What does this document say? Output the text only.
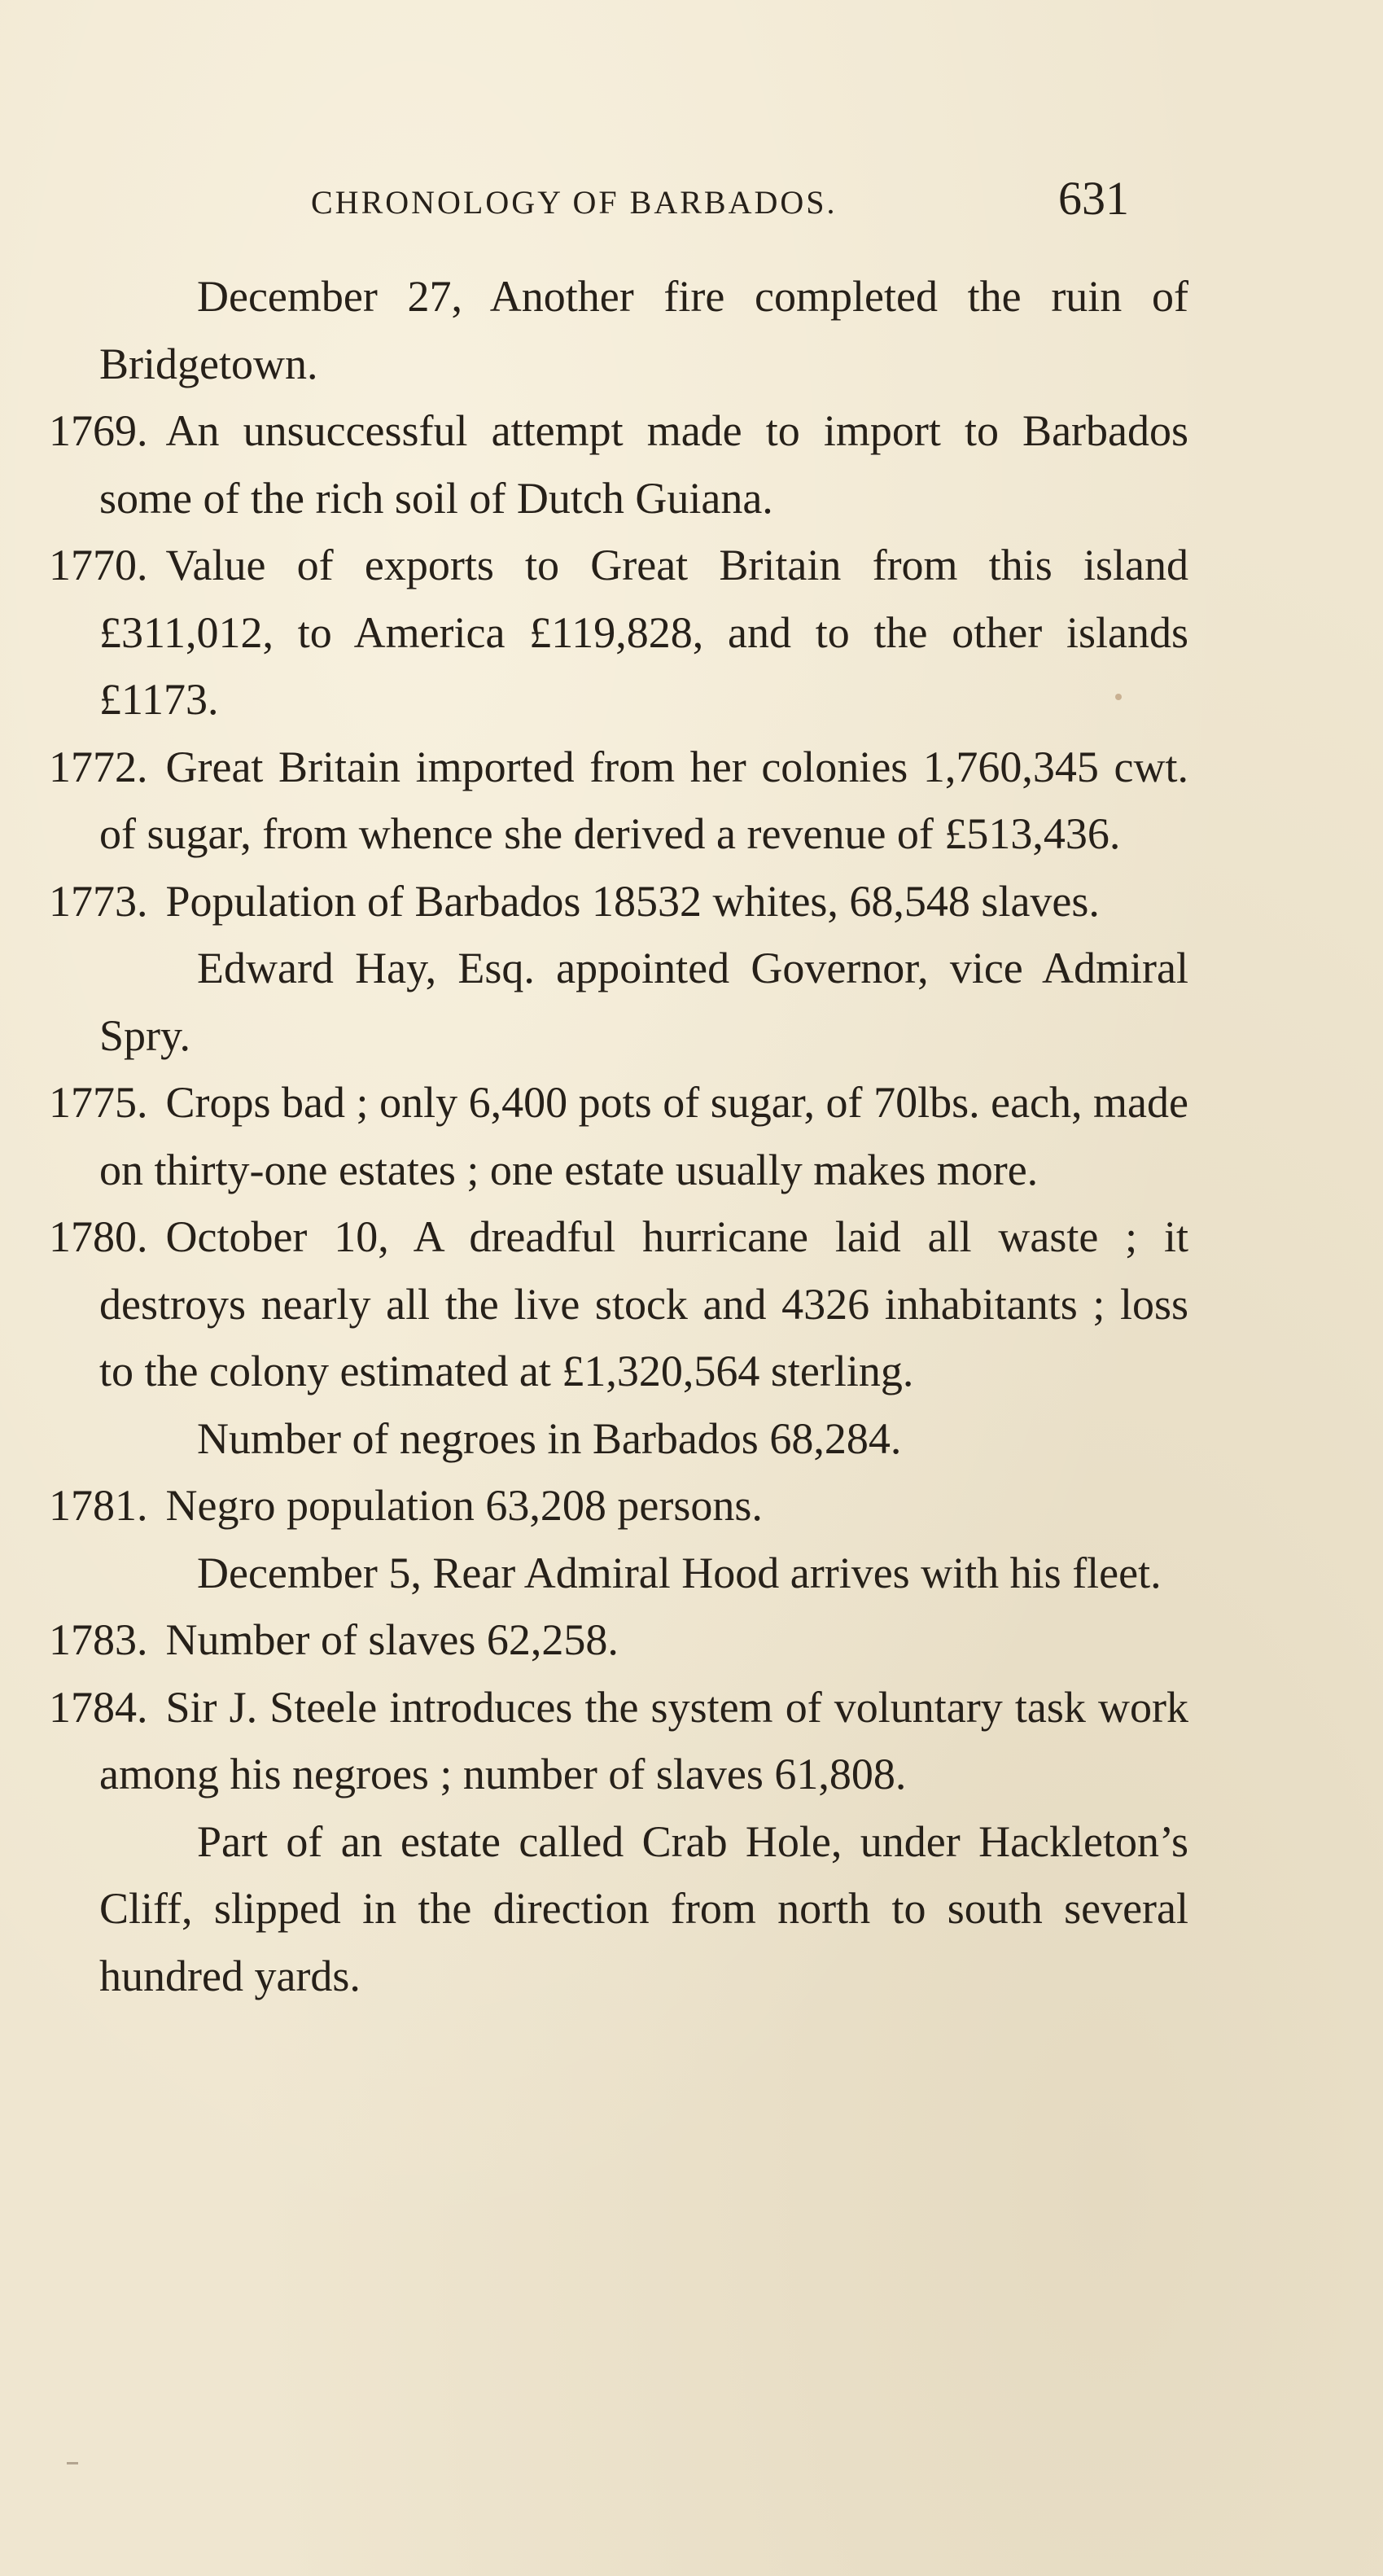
CHRONOLOGY OF BARBADOS.	631

December 27, Another fire completed the ruin of Bridgetown.

1769. An unsuccessful attempt made to import to Barbados some of the rich soil of Dutch Guiana.

1770. Value of exports to Great Britain from this island £311,012, to America £119,828, and to the other islands £1173.

1772. Great Britain imported from her colonies 1,760,345 cwt. of sugar, from whence she derived a revenue of £513,436.

1773. Population of Barbados 18532 whites, 68,548 slaves.

Edward Hay, Esq. appointed Governor, vice Admiral Spry.

1775. Crops bad ; only 6,400 pots of sugar, of 70lbs. each, made on thirty-one estates ; one estate usually makes more.

1780. October 10, A dreadful hurricane laid all waste ; it destroys nearly all the live stock and 4326 inhabitants ; loss to the colony estimated at £1,320,564 sterling.

Number of negroes in Barbados 68,284.

1781. Negro population 63,208 persons.

December 5, Rear Admiral Hood arrives with his fleet.

1783. Number of slaves 62,258.

1784. Sir J. Steele introduces the system of voluntary task work among his negroes ; number of slaves 61,808.

Part of an estate called Crab Hole, under Hackleton’s Cliff, slipped in the direction from north to south several hundred yards.
